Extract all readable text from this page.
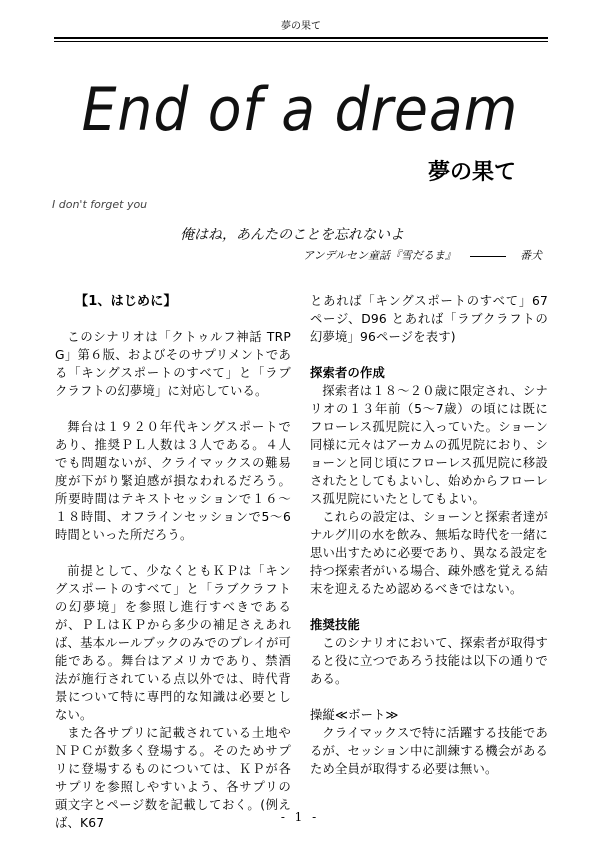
夢の果て
End of a dream
夢の果て
I don't forget you
俺はね，あんたのことを忘れないよ
アンデルセン童話『雪だるま』	番犬

【1、はじめに】

このシナリオは「クトゥルフ神話 TRPG」第６版、およびそのサプリメントである「キングスポートのすべて」と「ラブクラフトの幻夢境」に対応している。

舞台は１９２０年代キングスポートであり、推奨ＰＬ人数は３人である。４人でも問題ないが、クライマックスの難易度が下がり緊迫感が損なわれるだろう。所要時間はテキストセッションで１６～１８時間、オフラインセッションで5～6時間といった所だろう。

前提として、少なくともＫＰは「キングスポートのすべて」と「ラブクラフトの幻夢境」を参照し進行すべきであるが、ＰＬはＫＰから多少の補足さえあれば、基本ルールブックのみでのプレイが可能である。舞台はアメリカであり、禁酒法が施行されている点以外では、時代背景について特に専門的な知識は必要としない。

また各サプリに記載されている土地やＮＰＣが数多く登場する。そのためサプリに登場するものについては、ＫＰが各サプリを参照しやすいよう、各サプリの頭文字とページ数を記載しておく。(例えば、K67

とあれば「キングスポートのすべて」67ページ、D96 とあれば「ラブクラフトの幻夢境」96ページを表す)

探索者の作成

探索者は１８～２０歳に限定され、シナリオの１３年前（5～7歳）の頃には既にフローレス孤児院に入っていた。ショーン同様に元々はアーカムの孤児院におり、ショーンと同じ頃にフローレス孤児院に移設されたとしてもよいし、始めからフローレス孤児院にいたとしてもよい。

これらの設定は、ショーンと探索者達がナルグ川の水を飲み、無垢な時代を一緒に思い出すために必要であり、異なる設定を持つ探索者がいる場合、疎外感を覚える結末を迎えるため認めるべきではない。

推奨技能

このシナリオにおいて、探索者が取得すると役に立つであろう技能は以下の通りである。

操縦≪ボート≫

クライマックスで特に活躍する技能であるが、セッション中に訓練する機会があるため全員が取得する必要は無い。

- 1 -
